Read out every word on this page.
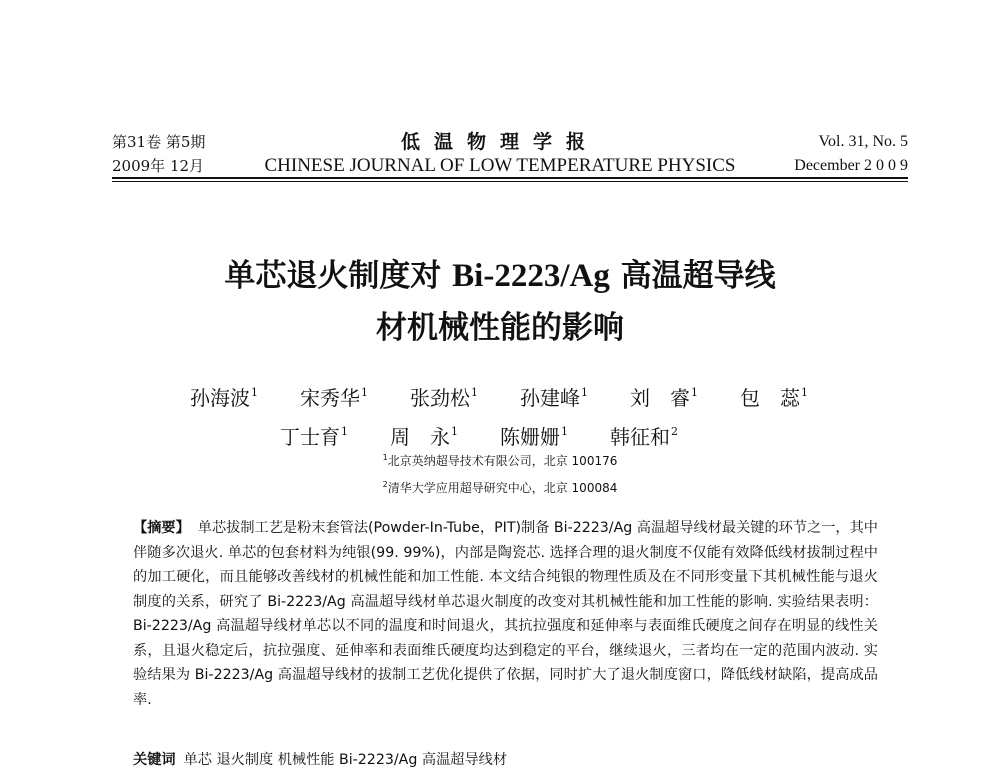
第31卷 第5期
2009年 12月
低温物理学报
CHINESE JOURNAL OF LOW TEMPERATURE PHYSICS
Vol. 31, No. 5
December 2 0 0 9
单芯退火制度对 Bi-2223/Ag 高温超导线
材机械性能的影响
孙海波$^1$	宋秀华$^1$	张劲松$^1$	孙建峰$^1$	刘　睿$^1$	包　蕊$^1$
丁士育$^1$	周　永$^1$	陈姗姗$^1$	韩征和$^2$
$^1$北京英纳超导技术有限公司，北京 100176
$^2$清华大学应用超导研究中心，北京 100084
【摘要】 单芯拔制工艺是粉末套管法(Powder-In-Tube，PIT)制备 Bi-2223/Ag 高温超导线材最关键的环节之一，其中伴随多次退火. 单芯的包套材料为纯银(99. 99%)，内部是陶瓷芯. 选择合理的退火制度不仅能有效降低线材拔制过程中的加工硬化，而且能够改善线材的机械性能和加工性能. 本文结合纯银的物理性质及在不同形变量下其机械性能与退火制度的关系，研究了 Bi-2223/Ag 高温超导线材单芯退火制度的改变对其机械性能和加工性能的影响. 实验结果表明：Bi-2223/Ag 高温超导线材单芯以不同的温度和时间退火，其抗拉强度和延伸率与表面维氏硬度之间存在明显的线性关系，且退火稳定后，抗拉强度、延伸率和表面维氏硬度均达到稳定的平台，继续退火，三者均在一定的范围内波动. 实验结果为 Bi-2223/Ag 高温超导线材的拔制工艺优化提供了依据，同时扩大了退火制度窗口，降低线材缺陷，提高成品率.
关键词 单芯 退火制度 机械性能 Bi-2223/Ag 高温超导线材
